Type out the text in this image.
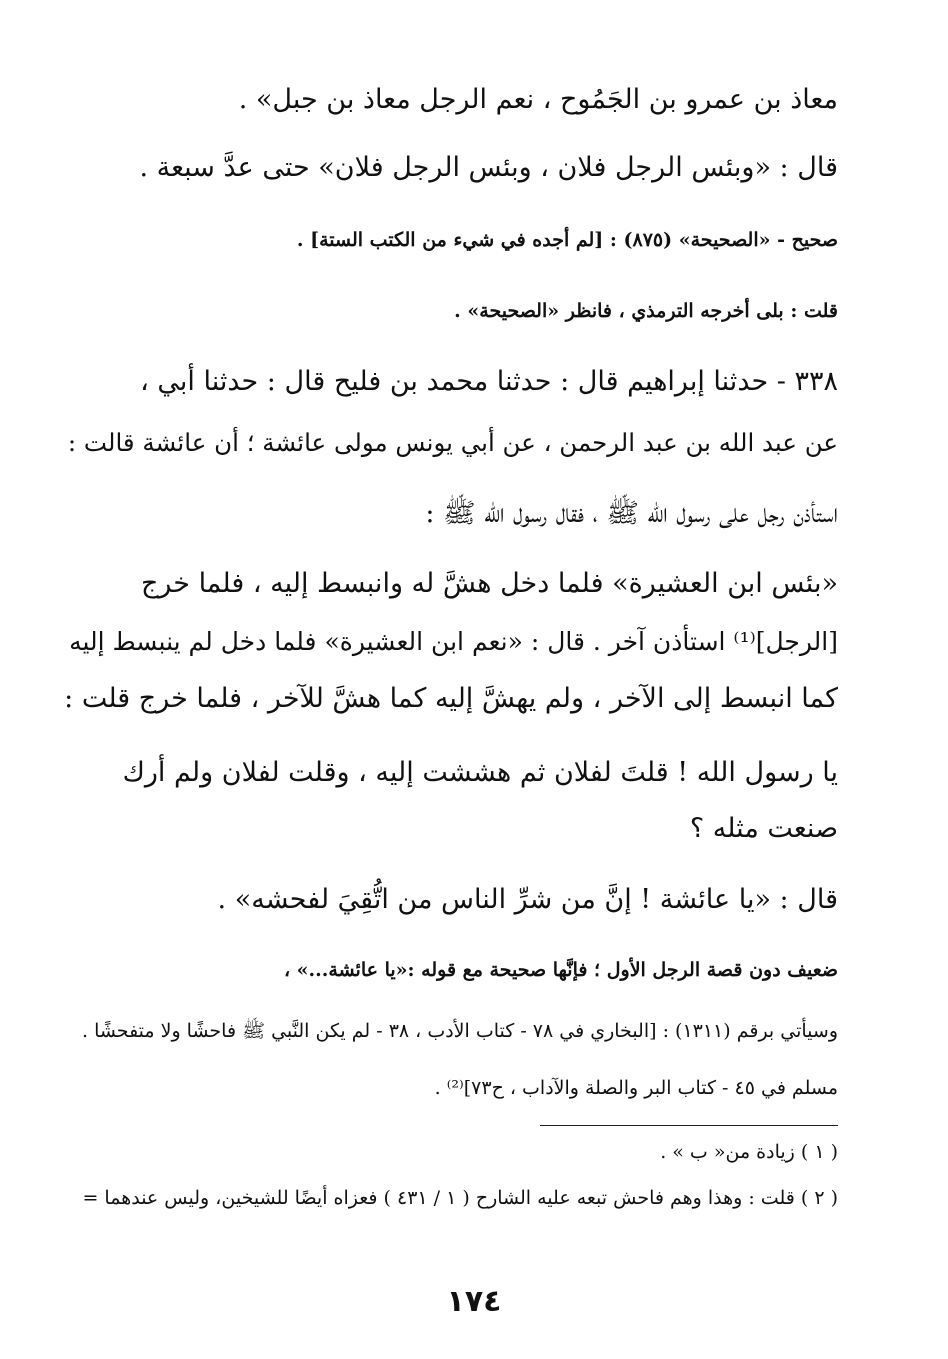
معاذ بن عمرو بن الجَمُوح ، نعم الرجل معاذ بن جبل» .

قال : «وبئس الرجل فلان ، وبئس الرجل فلان» حتى عدَّ سبعة .

صحيح - «الصحيحة» (٨٧٥) : [لم أجده في شيء من الكتب الستة] .

قلت : بلى أخرجه الترمذي ، فانظر «الصحيحة» .

٣٣٨ - حدثنا إبراهيم قال : حدثنا محمد بن فليح قال : حدثنا أبي ،

عن عبد الله بن عبد الرحمن ، عن أبي يونس مولى عائشة ؛ أن عائشة قالت :

استأذن رجل على رسول الله ﷺ ، فقال رسول الله ﷺ :

«بئس ابن العشيرة» فلما دخل هشَّ له وانبسط إليه ، فلما خرج

[الرجل]⁽¹⁾ استأذن آخر . قال : «نعم ابن العشيرة» فلما دخل لم ينبسط إليه

كما انبسط إلى الآخر ، ولم يهشَّ إليه كما هشَّ للآخر ، فلما خرج قلت :

يا رسول الله ! قلتَ لفلان ثم هششت إليه ، وقلت لفلان ولم أرك

صنعت مثله ؟

قال : «يا عائشة ! إنَّ من شرِّ الناس من اتُّقِيَ لفحشه» .

ضعيف دون قصة الرجل الأول ؛ فإنَّها صحيحة مع قوله :«يا عائشة...» ،

وسيأتي برقم (١٣١١) : [البخاري في ٧٨ - كتاب الأدب ، ٣٨ - لم يكن النَّبي ﷺ فاحشًا ولا متفحشًا .

مسلم في ٤٥ - كتاب البر والصلة والآداب ، ح٧٣]⁽²⁾ .

( ١ ) زيادة من« ب » .

( ٢ ) قلت : وهذا وهم فاحش تبعه عليه الشارح ( ١ / ٤٣١ ) فعزاه أيضًا للشيخين، وليس عندهما =

١٧٤
